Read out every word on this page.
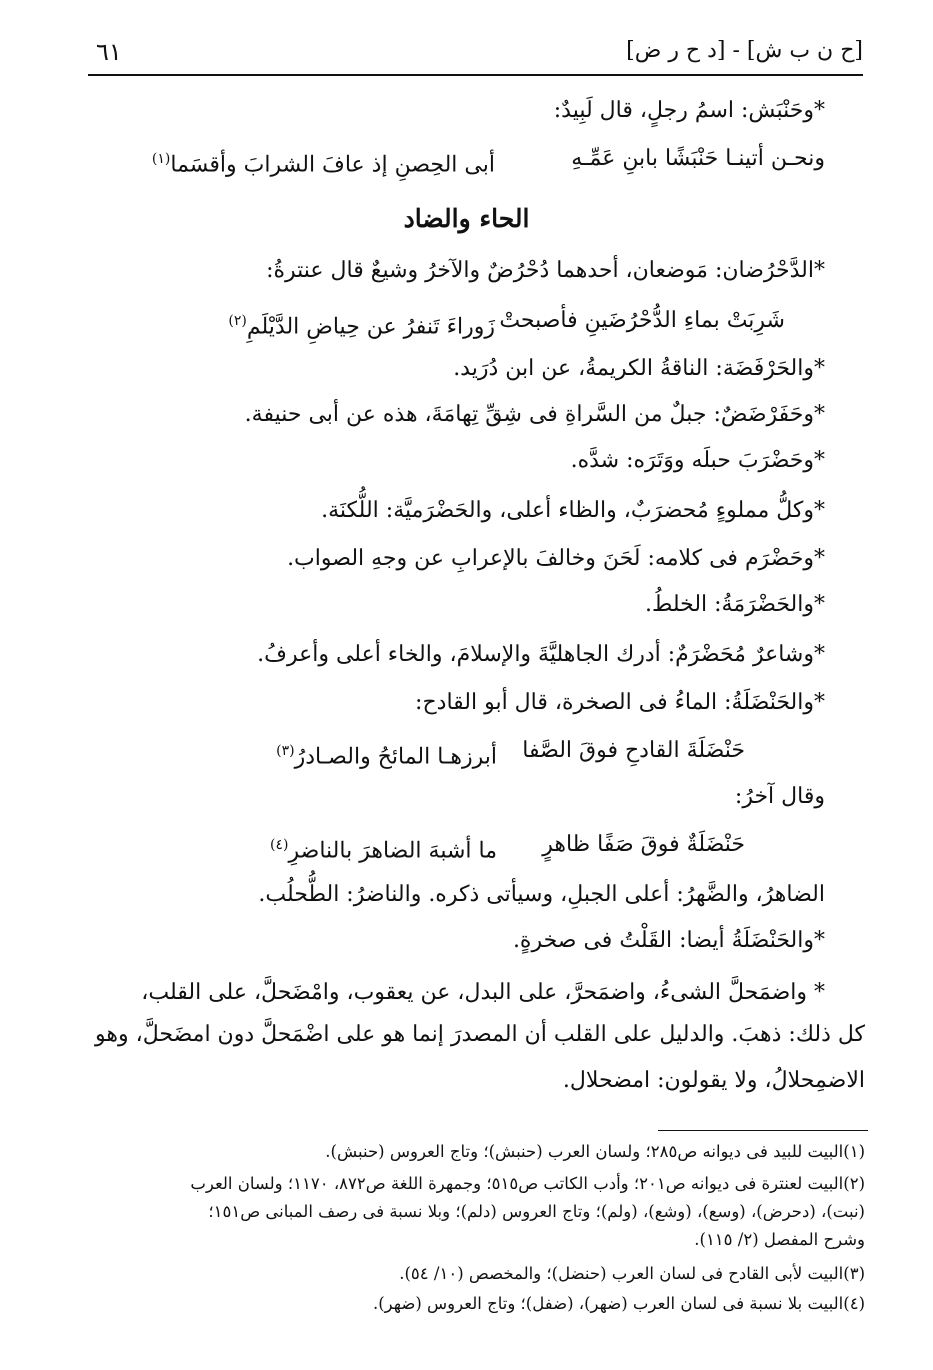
٦١	[ح ن ب ش] - [د ح ر ض]
*وحَنْبَش: اسمُ رجلٍ، قال لَبِيدٌ:
ونحـن أتينـا حَنْبَشًا بابنِ عَمِّـهِ
أبى الحِصنِ إذ عافَ الشرابَ وأقسَما$^{(١)}$
الحاء والضاد
*الدَّحْرُضان: مَوضعان، أحدهما دُحْرُضٌ والآخرُ وشيعٌ قال عنترةُ:
شَرِبَتْ بماءِ الدُّحْرُضَينِ فأصبحتْ
زَوراءَ تَنفرُ عن حِياضِ الدَّيْلَمِ$^{(٢)}$
*والحَرْفَضَة: الناقةُ الكريمةُ، عن ابن دُرَيد.
*وحَفَرْضَضٌ: جبلٌ من السَّراةِ فى شِقِّ تِهامَةَ، هذه عن أبى حنيفة.
*وحَضْرَبَ حبلَه ووَتَرَه: شدَّه.
*وكلُّ مملوءٍ مُحضرَبٌ، والظاء أعلى، والحَضْرَميَّة: اللُّكنَة.
*وحَضْرَم فى كلامه: لَحَنَ وخالفَ بالإعرابِ عن وجهِ الصواب.
*والحَضْرَمَةُ: الخلطُ.
*وشاعرٌ مُحَضْرَمٌ: أدرك الجاهليَّةَ والإسلامَ، والخاء أعلى وأعرفُ.
*والحَنْضَلَةُ: الماءُ فى الصخرة، قال أبو القادح:
حَنْضَلَةَ القادحِ فوقَ الصَّفا
أبرزهـا المائحُ والصـادرُ$^{(٣)}$
وقال آخرُ:
حَنْضَلَةٌ فوقَ صَفًا ظاهرٍ
ما أشبهَ الضاهرَ بالناضرِ$^{(٤)}$
الضاهرُ، والضَّهرُ: أعلى الجبلِ، وسيأتى ذكره. والناضرُ: الطُّحلُب.
*والحَنْضَلَةُ أيضا: القَلْتُ فى صخرةٍ.
* واضمَحلَّ الشىءُ، واضمَحرَّ، على البدل، عن يعقوب، وامْضَحلَّ، على القلب،
كل ذلك: ذهبَ. والدليل على القلب أن المصدرَ إنما هو على اضْمَحلَّ دون امضَحلَّ، وهو
الاضمِحلالُ، ولا يقولون: امضحلال.
(١)البيت للبيد فى ديوانه ص٢٨٥؛ ولسان العرب (حنبش)؛ وتاج العروس (حنبش).
(٢)البيت لعنترة فى ديوانه ص٢٠١؛ وأدب الكاتب ص٥١٥؛ وجمهرة اللغة ص٨٧٢، ١١٧٠؛ ولسان العرب
(نبت)، (دحرض)، (وسع)، (وشع)، (ولم)؛ وتاج العروس (دلم)؛ وبلا نسبة فى رصف المبانى ص١٥١؛
وشرح المفصل (٢/ ١١٥).
(٣)البيت لأبى القادح فى لسان العرب (حنضل)؛ والمخصص (١٠/ ٥٤).
(٤)البيت بلا نسبة فى لسان العرب (ضهر)، (ضفل)؛ وتاج العروس (ضهر).
